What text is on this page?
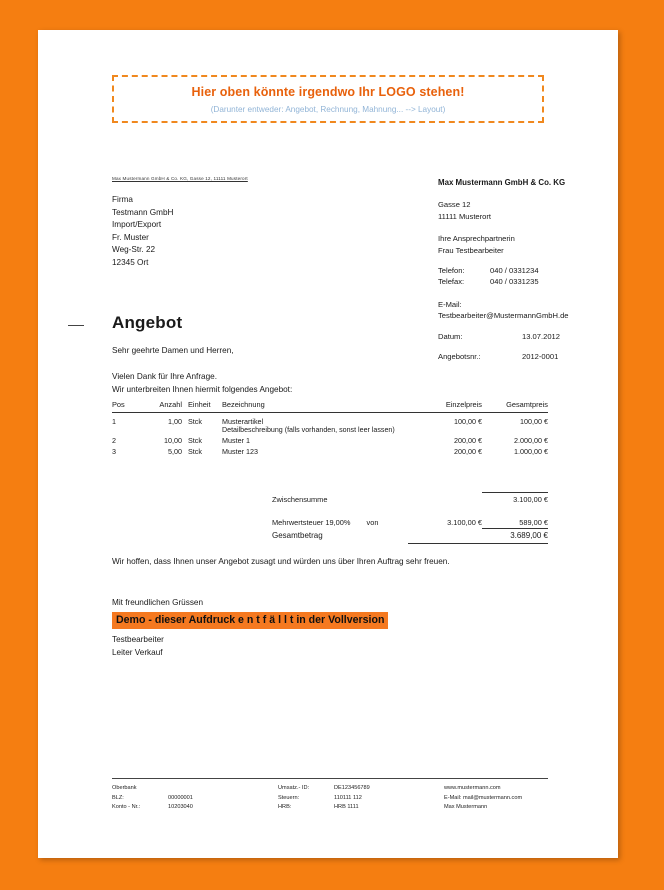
Hier oben könnte irgendwo Ihr LOGO stehen!
(Darunter entweder: Angebot, Rechnung, Mahnung... --> Layout)
Max Mustermann GmbH & Co. KG, Gasse 12, 11111 Musterort
Firma
Testmann GmbH
Import/Export
Fr. Muster
Weg-Str. 22
12345 Ort
Max Mustermann GmbH & Co. KG
Gasse 12
11111 Musterort
Ihre Ansprechpartnerin
Frau Testbearbeiter
Telefon:	040 / 0331234
Telefax:	040 / 0331235
E-Mail:
Testbearbeiter@MustermannGmbH.de
Datum:	13.07.2012
Angebotsnr.:	2012-0001
Angebot
Sehr geehrte Damen und Herren,
Vielen Dank für Ihre Anfrage.
Wir unterbreiten Ihnen hiermit folgendes Angebot:
Pos	Anzahl	Einheit	Bezeichnung	Einzelpreis	Gesamtpreis
1	1,00	Stck	Musterartikel
Detailbeschreibung (falls vorhanden, sonst leer lassen)	100,00 €	100,00 €
2	10,00	Stck	Muster 1	200,00 €	2.000,00 €
3	5,00	Stck	Muster 123	200,00 €	1.000,00 €
	Zwischensumme		3.100,00 €

	Mehrwertsteuer 19,00% von	3.100,00 €	589,00 €
	Gesamtbetrag		3.689,00 €
Wir hoffen, dass Ihnen unser Angebot zusagt und würden uns über Ihren Auftrag sehr freuen.
Mit freundlichen Grüssen
Demo - dieser Aufdruck e n t f ä l l t in der Vollversion
Testbearbeiter
Leiter Verkauf
Oberbank
BLZ:	00000001
Konto - Nr.:	10203040
Umsatz.- ID:	DE123456789
Steuern:	110111 112
HRB:	HRB 1111
www.mustermann.com
E-Mail: mail@mustermann.com
Max Mustermann
